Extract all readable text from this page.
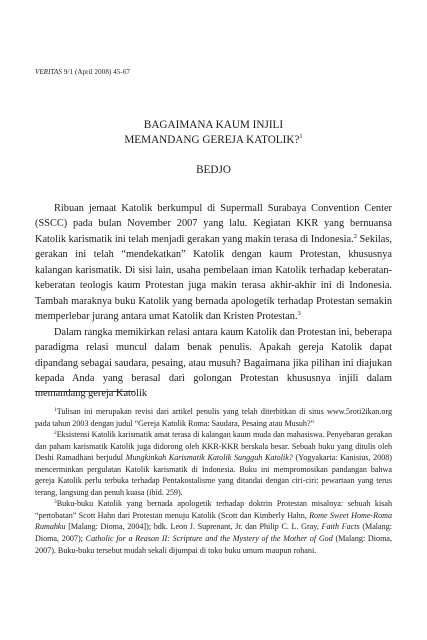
VERITAS 9/1 (April 2008) 45-67
BAGAIMANA KAUM INJILI
MEMANDANG GEREJA KATOLIK?$^1$
BEDJO

Ribuan jemaat Katolik berkumpul di Supermall Surabaya Convention Center (SSCC) pada bulan November 2007 yang lalu. Kegiatan KKR yang bernuansa Katolik karismatik ini telah menjadi gerakan yang makin terasa di Indonesia.$^2$ Sekilas, gerakan ini telah “mendekatkan” Katolik dengan kaum Protestan, khususnya kalangan karismatik. Di sisi lain, usaha pembelaan iman Katolik terhadap keberatan-keberatan teologis kaum Protestan juga makin terasa akhir-akhir ini di Indonesia. Tambah maraknya buku Katolik yang bernada apologetik terhadap Protestan semakin memperlebar jurang antara umat Katolik dan Kristen Protestan.$^3$

Dalam rangka memikirkan relasi antara kaum Katolik dan Protestan ini, beberapa paradigma relasi muncul dalam benak penulis. Apakah gereja Katolik dapat dipandang sebagai saudara, pesaing, atau musuh? Bagaimana jika pilihan ini diajukan kepada Anda yang berasal dari golongan Protestan khususnya injili dalam memandang gereja Katolik

$^1$Tulisan ini merupakan revisi dari artikel penulis yang telah diterbitkan di situs www.5roti2ikan.org pada tahun 2003 dengan judul “Gereja Katolik Roma: Saudara, Pesaing atau Musuh?”

$^2$Eksistensi Katolik karismatik amat terasa di kalangan kaum muda dan mahasiswa. Penyebaran gerakan dan paham karismatik Katolik juga didorong oleh KKR-KKR berskala besar. Sebuah buku yang ditulis oleh Deshi Ramadhani berjudul Mungkinkah Karismatik Katolik Sungguh Katolik? (Yogyakarta: Kanisius, 2008) mencerminkan pergulatan Katolik karismatik di Indonesia. Buku ini mempromosikan pandangan bahwa gereja Katolik perlu terbuka terhadap Pentakostalisme yang ditandai dengan ciri-ciri: pewartaan yang terus terang, langsung dan penuh kuasa (ibid. 259).

$^3$Buku-buku Katolik yang bernada apologetik terhadap doktrin Protestan misalnya: sebuah kisah “pertobatan” Scott Hahn dari Protestan menuju Katolik (Scott dan Kimberly Hahn, Rome Sweet Home-Roma Rumahku [Malang: Dioma, 2004]); bdk. Leon J. Suprenant, Jr. dan Philip C. L. Gray, Faith Facts (Malang: Dioma, 2007); Catholic for a Reason II: Scripture and the Mystery of the Mother of God (Malang: Dioma, 2007). Buku-buku tersebut mudah sekali dijumpai di toko buku umum maupun rohani.
